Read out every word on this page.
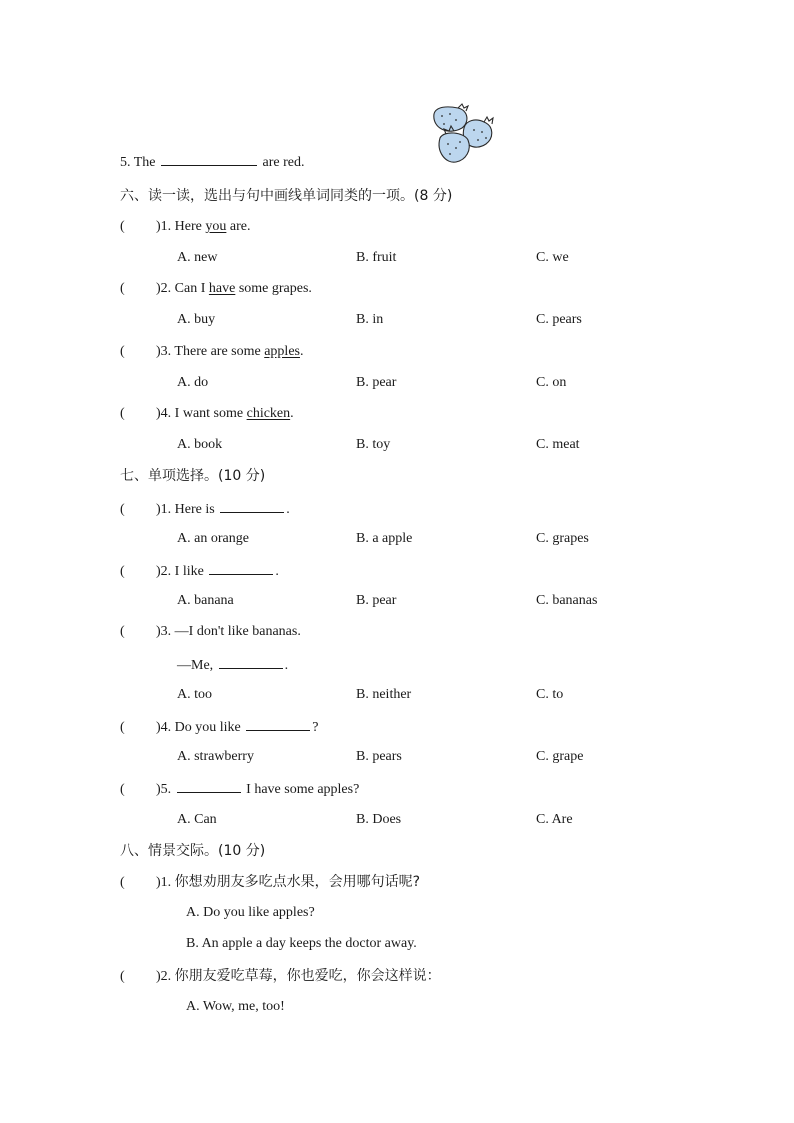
5. The	are red.
六、读一读，选出与句中画线单词同类的一项。(8 分)
( )1. Here you are.
A. new	B. fruit	C. we
( )2. Can I have some grapes.
A. buy	B. in	C. pears
( )3. There are some apples.
A. do	B. pear	C. on
( )4. I want some chicken.
A. book	B. toy	C. meat
七、单项选择。(10 分)
( )1. Here is	.
A. an orange	B. a apple	C. grapes
( )2. I like	.
A. banana	B. pear	C. bananas
( )3. —I don't like bananas.
—Me,	.
A. too	B. neither	C. to
( )4. Do you like	?
A. strawberry	B. pears	C. grape
( )5.	I have some apples?
A. Can	B. Does	C. Are
八、情景交际。(10 分)
( )1. 你想劝朋友多吃点水果，会用哪句话呢?
A. Do you like apples?
B. An apple a day keeps the doctor away.
( )2. 你朋友爱吃草莓，你也爱吃，你会这样说：
A. Wow, me, too!
